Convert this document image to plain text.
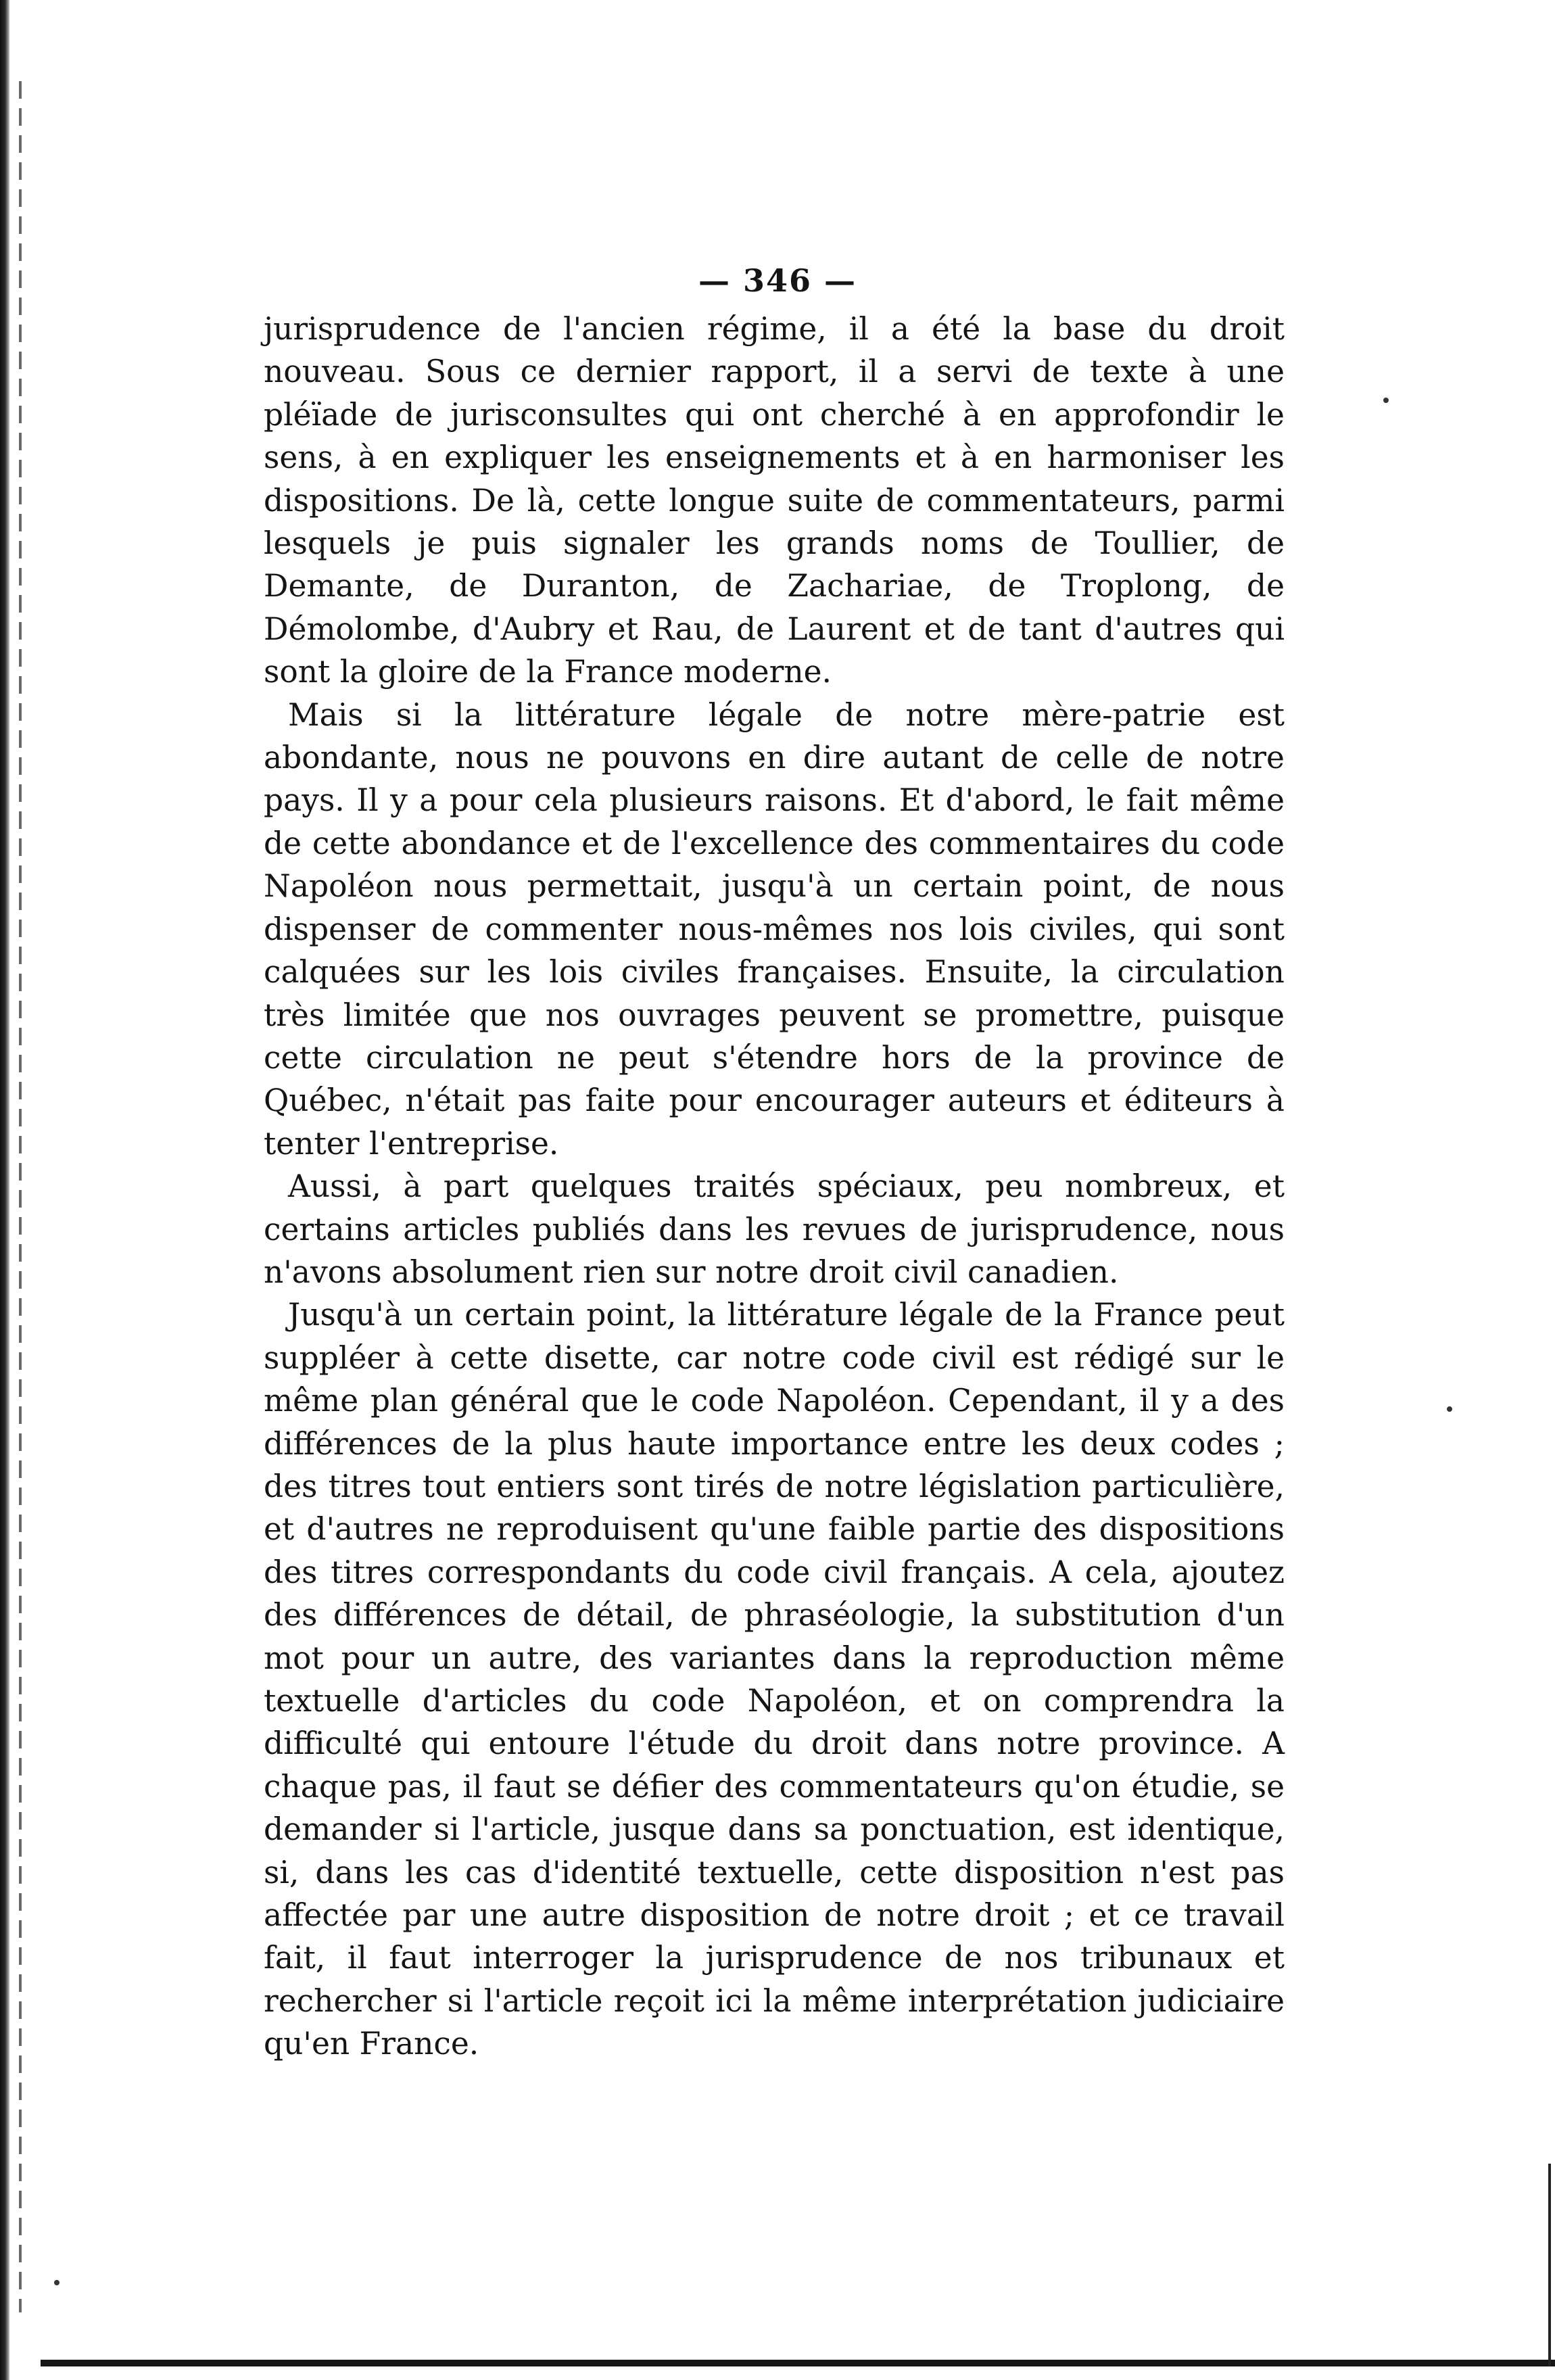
— 346 —

jurisprudence de l'ancien régime, il a été la base du droit nouveau. Sous ce dernier rapport, il a servi de texte à une pléïade de jurisconsultes qui ont cherché à en approfondir le sens, à en expliquer les enseignements et à en harmoniser les dispositions. De là, cette longue suite de commentateurs, parmi lesquels je puis signaler les grands noms de Toullier, de Demante, de Duranton, de Zachariae, de Troplong, de Démolombe, d'Aubry et Rau, de Laurent et de tant d'autres qui sont la gloire de la France moderne.

Mais si la littérature légale de notre mère-patrie est abondante, nous ne pouvons en dire autant de celle de notre pays. Il y a pour cela plusieurs raisons. Et d'abord, le fait même de cette abondance et de l'excellence des commentaires du code Napoléon nous permettait, jusqu'à un certain point, de nous dispenser de commenter nous-mêmes nos lois civiles, qui sont calquées sur les lois civiles françaises. Ensuite, la circulation très limitée que nos ouvrages peuvent se promettre, puisque cette circulation ne peut s'étendre hors de la province de Québec, n'était pas faite pour encourager auteurs et éditeurs à tenter l'entreprise.

Aussi, à part quelques traités spéciaux, peu nombreux, et certains articles publiés dans les revues de jurisprudence, nous n'avons absolument rien sur notre droit civil canadien.

Jusqu'à un certain point, la littérature légale de la France peut suppléer à cette disette, car notre code civil est rédigé sur le même plan général que le code Napoléon. Cependant, il y a des différences de la plus haute importance entre les deux codes ; des titres tout entiers sont tirés de notre législation particulière, et d'autres ne reproduisent qu'une faible partie des dispositions des titres correspondants du code civil français. A cela, ajoutez des différences de détail, de phraséologie, la substitution d'un mot pour un autre, des variantes dans la reproduction même textuelle d'articles du code Napoléon, et on comprendra la difficulté qui entoure l'étude du droit dans notre province. A chaque pas, il faut se défier des commentateurs qu'on étudie, se demander si l'article, jusque dans sa ponctuation, est identique, si, dans les cas d'identité textuelle, cette disposition n'est pas affectée par une autre disposition de notre droit ; et ce travail fait, il faut interroger la jurisprudence de nos tribunaux et rechercher si l'article reçoit ici la même interprétation judiciaire qu'en France.
